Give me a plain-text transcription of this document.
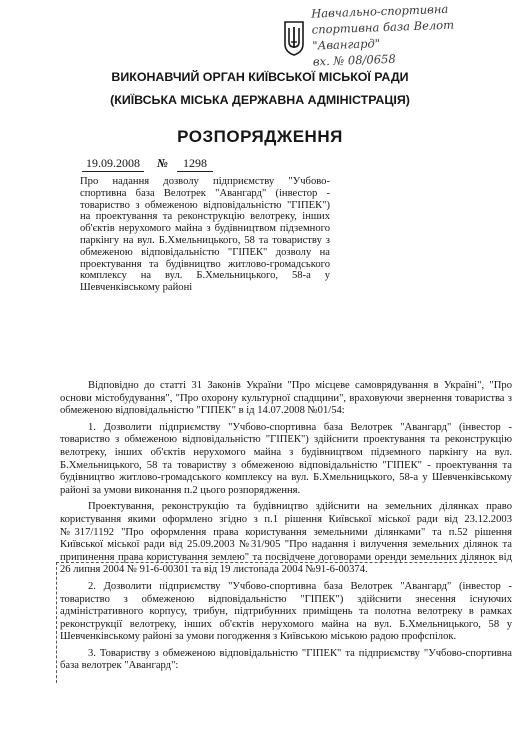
Навчально-спортивна
спортивна база Велот
"Авангард"
вх. № 08/0658
ВИКОНАВЧИЙ ОРГАН КИЇВСЬКОЇ МІСЬКОЇ РАДИ
(КИЇВСЬКА МІСЬКА ДЕРЖАВНА АДМІНІСТРАЦІЯ)
РОЗПОРЯДЖЕННЯ
19.09.2008 № 1298
Про надання дозволу підприємству "Учбово-спортивна база Велотрек "Авангард" (інвестор - товариство з обмеженою відповідальністю "ГІПЕК") на проектування та реконструкцію велотреку, інших об'єктів нерухомого майна з будівництвом підземного паркінгу на вул. Б.Хмельницького, 58 та товариству з обмеженою відповідальністю "ГІПЕК" дозволу на проектування та будівництво житлово-громадського комплексу на вул. Б.Хмельницького, 58-а у Шевченківському районі

Відповідно до статті 31 Законів України "Про місцеве самоврядування в Україні", "Про основи містобудування", "Про охорону культурної спадщини", враховуючи звернення товариства з обмеженою відповідальністю "ГІПЕК" в ід 14.07.2008 №01/54:

1. Дозволити підприємству "Учбово-спортивна база Велотрек "Авангард" (інвестор - товариство з обмеженою відповідальністю "ГІПЕК") здійснити проектування та реконструкцію велотреку, інших об'єктів нерухомого майна з будівництвом підземного паркінгу на вул. Б.Хмельницького, 58 та товариству з обмеженою відповідальністю "ГІПЕК" - проектування та будівництво житлово-громадського комплексу на вул. Б.Хмельницького, 58-а у Шевченківському районі за умови виконання п.2 цього розпорядження.

Проектування, реконструкцію та будівництво здійснити на земельних ділянках право користування якими оформлено згідно з п.1 рішення Київської міської ради від 23.12.2003 №317/1192 "Про оформлення права користування земельними ділянками" та п.52 рішення Київської міської ради від 25.09.2003 №31/905 "Про надання і вилучення земельних ділянок та припинення права користування землею" та посвідчене договорами оренди земельних ділянок від 26 липня 2004 № 91-6-00301 та від 19 листопада 2004 №91-6-00374.

2. Дозволити підприємству "Учбово-спортивна база Велотрек "Авангард" (інвестор - товариство з обмеженою відповідальністю "ГІПЕК") здійснити знесення існуючих адміністративного корпусу, трибун, підтрибунних приміщень та полотна велотреку в рамках реконструкції велотреку, інших об'єктів нерухомого майна на вул. Б.Хмельницького, 58 у Шевченківському районі за умови погодження з Київською міською радою профспілок.

3. Товариству з обмеженою відповідальністю "ГІПЕК" та підприємству "Учбово-спортивна база велотрек "Авангард":
